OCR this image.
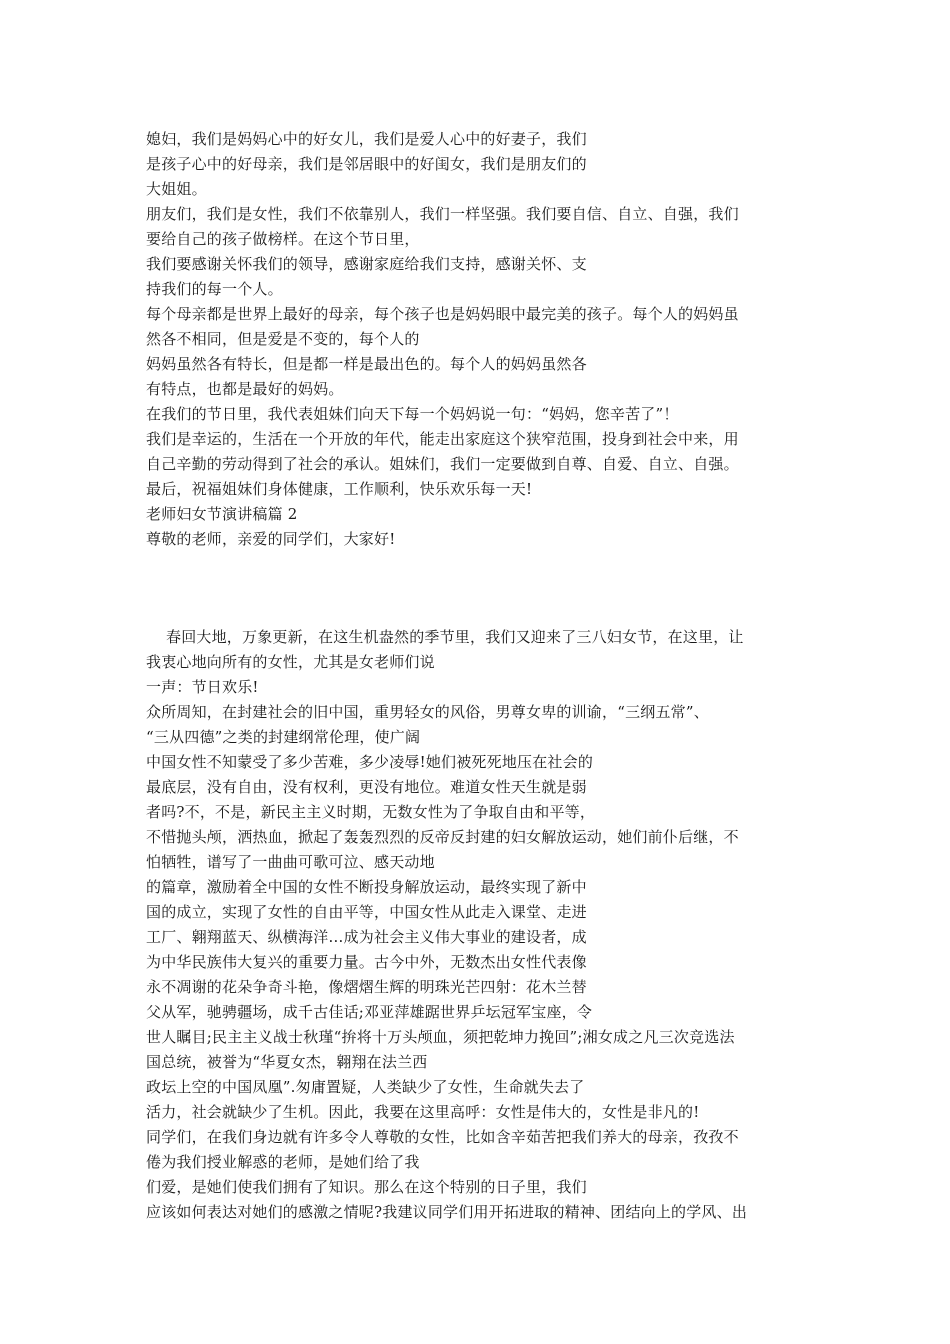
媳妇，我们是妈妈心中的好女儿，我们是爱人心中的好妻子，我们

是孩子心中的好母亲，我们是邻居眼中的好闺女，我们是朋友们的

大姐姐。

朋友们，我们是女性，我们不依靠别人，我们一样坚强。我们要自信、自立、自强，我们

要给自己的孩子做榜样。在这个节日里，

我们要感谢关怀我们的领导，感谢家庭给我们支持，感谢关怀、支

持我们的每一个人。

每个母亲都是世界上最好的母亲，每个孩子也是妈妈眼中最完美的孩子。每个人的妈妈虽

然各不相同，但是爱是不变的，每个人的

妈妈虽然各有特长，但是都一样是最出色的。每个人的妈妈虽然各

有特点，也都是最好的妈妈。

在我们的节日里，我代表姐妹们向天下每一个妈妈说一句：“妈妈，您辛苦了”！

我们是幸运的，生活在一个开放的年代，能走出家庭这个狭窄范围，投身到社会中来，用

自己辛勤的劳动得到了社会的承认。姐妹们，我们一定要做到自尊、自爱、自立、自强。

最后，祝福姐妹们身体健康，工作顺利，快乐欢乐每一天!

老师妇女节演讲稿篇 2

尊敬的老师，亲爱的同学们，大家好!

春回大地，万象更新，在这生机盎然的季节里，我们又迎来了三八妇女节，在这里，让

我衷心地向所有的女性，尤其是女老师们说

一声：节日欢乐!

众所周知，在封建社会的旧中国，重男轻女的风俗，男尊女卑的训谕，“三纲五常”、

“三从四德”之类的封建纲常伦理，使广阔

中国女性不知蒙受了多少苦难，多少凌辱!她们被死死地压在社会的

最底层，没有自由，没有权利，更没有地位。难道女性天生就是弱

者吗?不，不是，新民主主义时期，无数女性为了争取自由和平等，

不惜抛头颅，洒热血，掀起了轰轰烈烈的反帝反封建的妇女解放运动，她们前仆后继，不

怕牺牲，谱写了一曲曲可歌可泣、感天动地

的篇章，激励着全中国的女性不断投身解放运动，最终实现了新中

国的成立，实现了女性的自由平等，中国女性从此走入课堂、走进

工厂、翱翔蓝天、纵横海洋…成为社会主义伟大事业的建设者，成

为中华民族伟大复兴的重要力量。古今中外，无数杰出女性代表像

永不凋谢的花朵争奇斗艳，像熠熠生辉的明珠光芒四射：花木兰替

父从军，驰骋疆场，成千古佳话;邓亚萍雄踞世界乒坛冠军宝座，令

世人瞩目;民主主义战士秋瑾“拚将十万头颅血，须把乾坤力挽回”;湘女成之凡三次竞选法

国总统，被誉为“华夏女杰，翱翔在法兰西

政坛上空的中国凤凰”.匆庸置疑，人类缺少了女性，生命就失去了

活力，社会就缺少了生机。因此，我要在这里高呼：女性是伟大的，女性是非凡的!

同学们，在我们身边就有许多令人尊敬的女性，比如含辛茹苦把我们养大的母亲，孜孜不

倦为我们授业解惑的老师，是她们给了我

们爱，是她们使我们拥有了知识。那么在这个特别的日子里，我们

应该如何表达对她们的感激之情呢?我建议同学们用开拓进取的精神、团结向上的学风、出
